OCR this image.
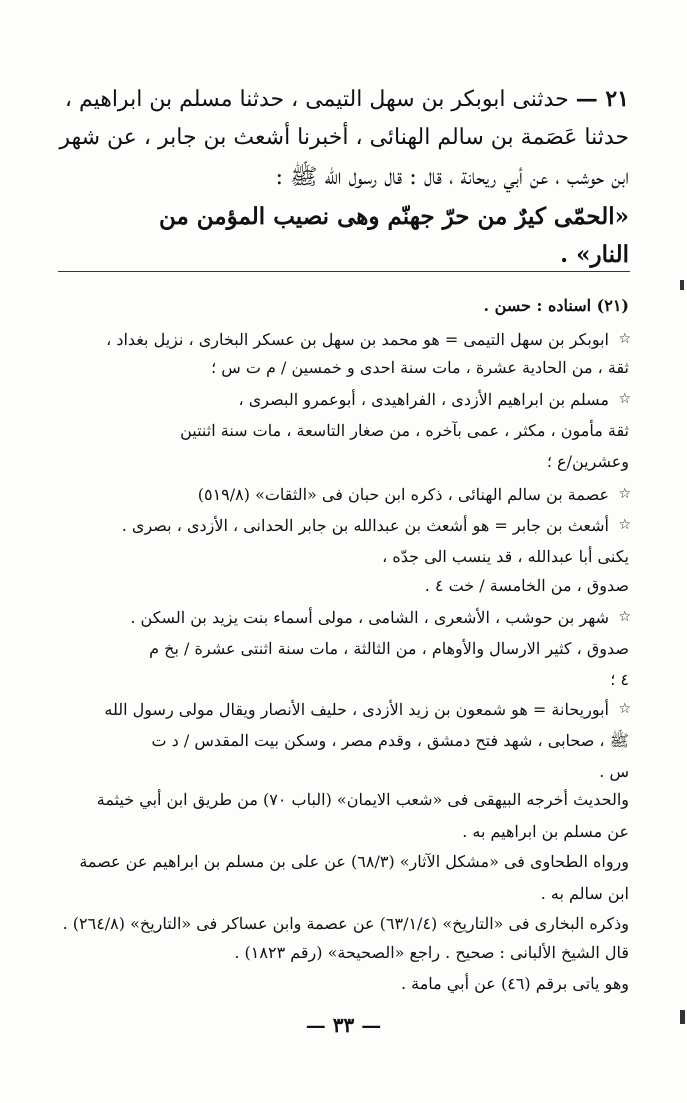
٢١ — حدثنى ابوبكر بن سهل التيمى ، حدثنا مسلم بن ابراهيم ،
حدثنا عَصَمة بن سالم الهنائى ، أخبرنا أشعث بن جابر ، عن شهر
ابن حوشب ، عن أبي ريحانة ، قال : قال رسول الله ﷺ :
«الحمّى كيرٌ من حرّ جهنّم وهى نصيب المؤمن من
النار» .
(٢١) اسناده : حسن .
ابوبكر بن سهل التيمى = هو محمد بن سهل بن عسكر البخارى ، نزيل بغداد ، ☆
ثقة ، من الحادية عشرة ، مات سنة احدى و خمسين / م ت س ؛
مسلم بن ابراهيم الأزدى ، الفراهيدى ، أبوعمرو البصرى ، ☆
ثقة مأمون ، مكثر ، عمى بآخره ، من صغار التاسعة ، مات سنة اثنتين
وعشرين/ع ؛
عصمة بن سالم الهنائى ، ذكره ابن حبان فى «الثقات» (٥١٩/٨) ☆
أشعث بن جابر = هو أشعث بن عبدالله بن جابر الحدانى ، الأزدى ، بصرى . ☆
يكنى أبا عبدالله ، قد ينسب الى جدّه ،
صدوق ، من الخامسة / خت ٤ .
شهر بن حوشب ، الأشعرى ، الشامى ، مولى أسماء بنت يزيد بن السكن . ☆
صدوق ، كثير الارسال والأوهام ، من الثالثة ، مات سنة اثنتى عشرة / بخ م
٤ ؛
أبوريحانة = هو شمعون بن زيد الأزدى ، حليف الأنصار ويقال مولى رسول الله ☆
ﷺ ، صحابى ، شهد فتح دمشق ، وقدم مصر ، وسكن بيت المقدس / د ت
س .
والحديث أخرجه البيهقى فى «شعب الايمان» (الباب ٧٠) من طريق ابن أبي خيثمة
عن مسلم بن ابراهيم به .
ورواه الطحاوى فى «مشكل الآثار» (٦٨/٣) عن على بن مسلم بن ابراهيم عن عصمة
ابن سالم به .
وذكره البخارى فى «التاريخ» (٦٣/١/٤) عن عصمة وابن عساكر فى «التاريخ» (٢٦٤/٨) .
قال الشيخ الألبانى : صحيح . راجع «الصحيحة» (رقم ١٨٢٣) .
وهو ياتى برقم (٤٦) عن أبي مامة .
— ٣٣ —
